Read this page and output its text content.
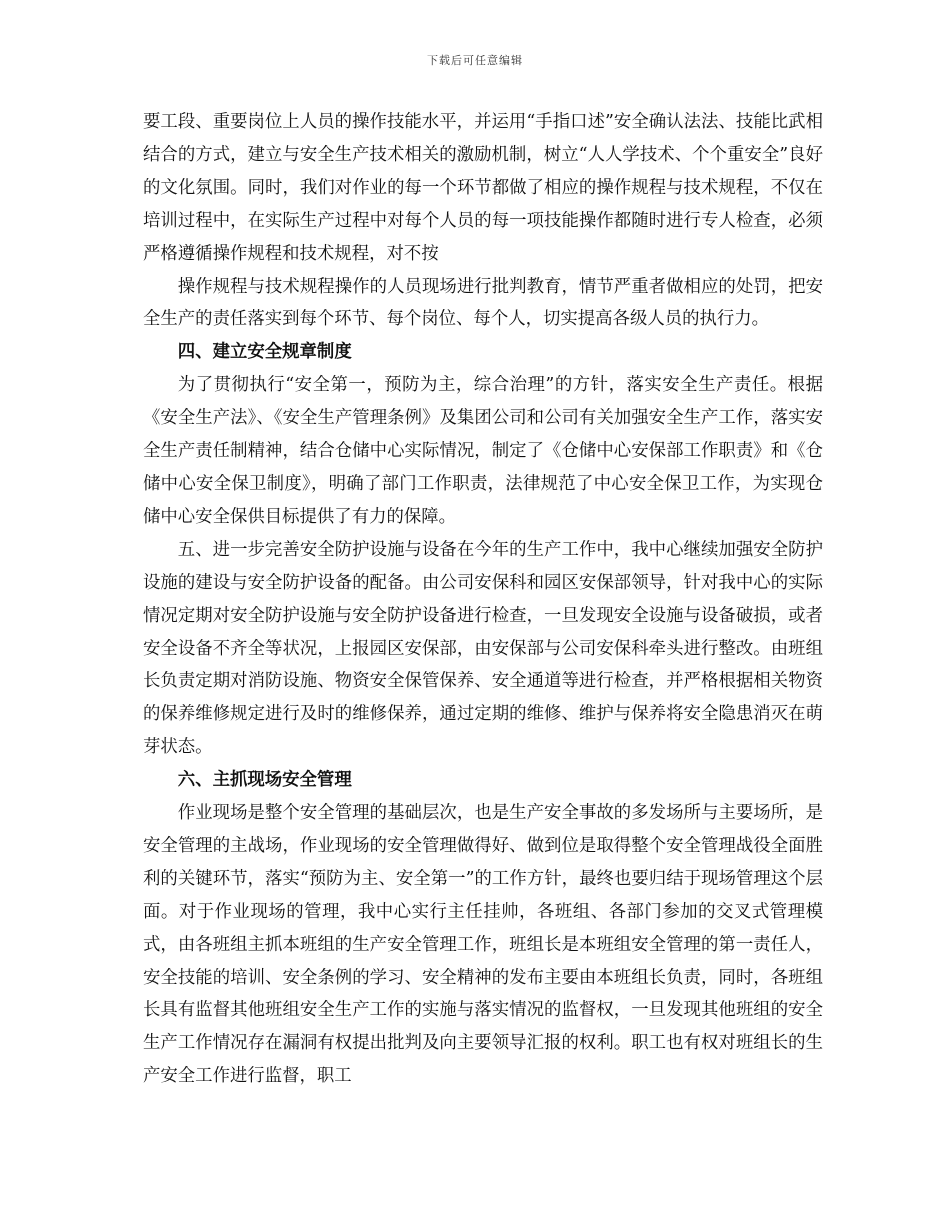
下载后可任意编辑

要工段、重要岗位上人员的操作技能水平，并运用“手指口述”安全确认法法、技能比武相结合的方式，建立与安全生产技术相关的激励机制，树立“人人学技术、个个重安全”良好的文化氛围。同时，我们对作业的每一个环节都做了相应的操作规程与技术规程，不仅在培训过程中，在实际生产过程中对每个人员的每一项技能操作都随时进行专人检查，必须严格遵循操作规程和技术规程，对不按

操作规程与技术规程操作的人员现场进行批判教育，情节严重者做相应的处罚，把安全生产的责任落实到每个环节、每个岗位、每个人，切实提高各级人员的执行力。

四、建立安全规章制度

为了贯彻执行“安全第一，预防为主，综合治理”的方针，落实安全生产责任。根据《安全生产法》、《安全生产管理条例》及集团公司和公司有关加强安全生产工作，落实安全生产责任制精神，结合仓储中心实际情况，制定了《仓储中心安保部工作职责》和《仓储中心安全保卫制度》，明确了部门工作职责，法律规范了中心安全保卫工作，为实现仓储中心安全保供目标提供了有力的保障。

五、进一步完善安全防护设施与设备在今年的生产工作中，我中心继续加强安全防护设施的建设与安全防护设备的配备。由公司安保科和园区安保部领导，针对我中心的实际情况定期对安全防护设施与安全防护设备进行检查，一旦发现安全设施与设备破损，或者安全设备不齐全等状况，上报园区安保部，由安保部与公司安保科牵头进行整改。由班组长负责定期对消防设施、物资安全保管保养、安全通道等进行检查，并严格根据相关物资的保养维修规定进行及时的维修保养，通过定期的维修、维护与保养将安全隐患消灭在萌芽状态。

六、主抓现场安全管理

作业现场是整个安全管理的基础层次，也是生产安全事故的多发场所与主要场所，是安全管理的主战场，作业现场的安全管理做得好、做到位是取得整个安全管理战役全面胜利的关键环节，落实“预防为主、安全第一”的工作方针，最终也要归结于现场管理这个层面。对于作业现场的管理，我中心实行主任挂帅，各班组、各部门参加的交叉式管理模式，由各班组主抓本班组的生产安全管理工作，班组长是本班组安全管理的第一责任人，安全技能的培训、安全条例的学习、安全精神的发布主要由本班组长负责，同时，各班组长具有监督其他班组安全生产工作的实施与落实情况的监督权，一旦发现其他班组的安全生产工作情况存在漏洞有权提出批判及向主要领导汇报的权利。职工也有权对班组长的生产安全工作进行监督，职工
